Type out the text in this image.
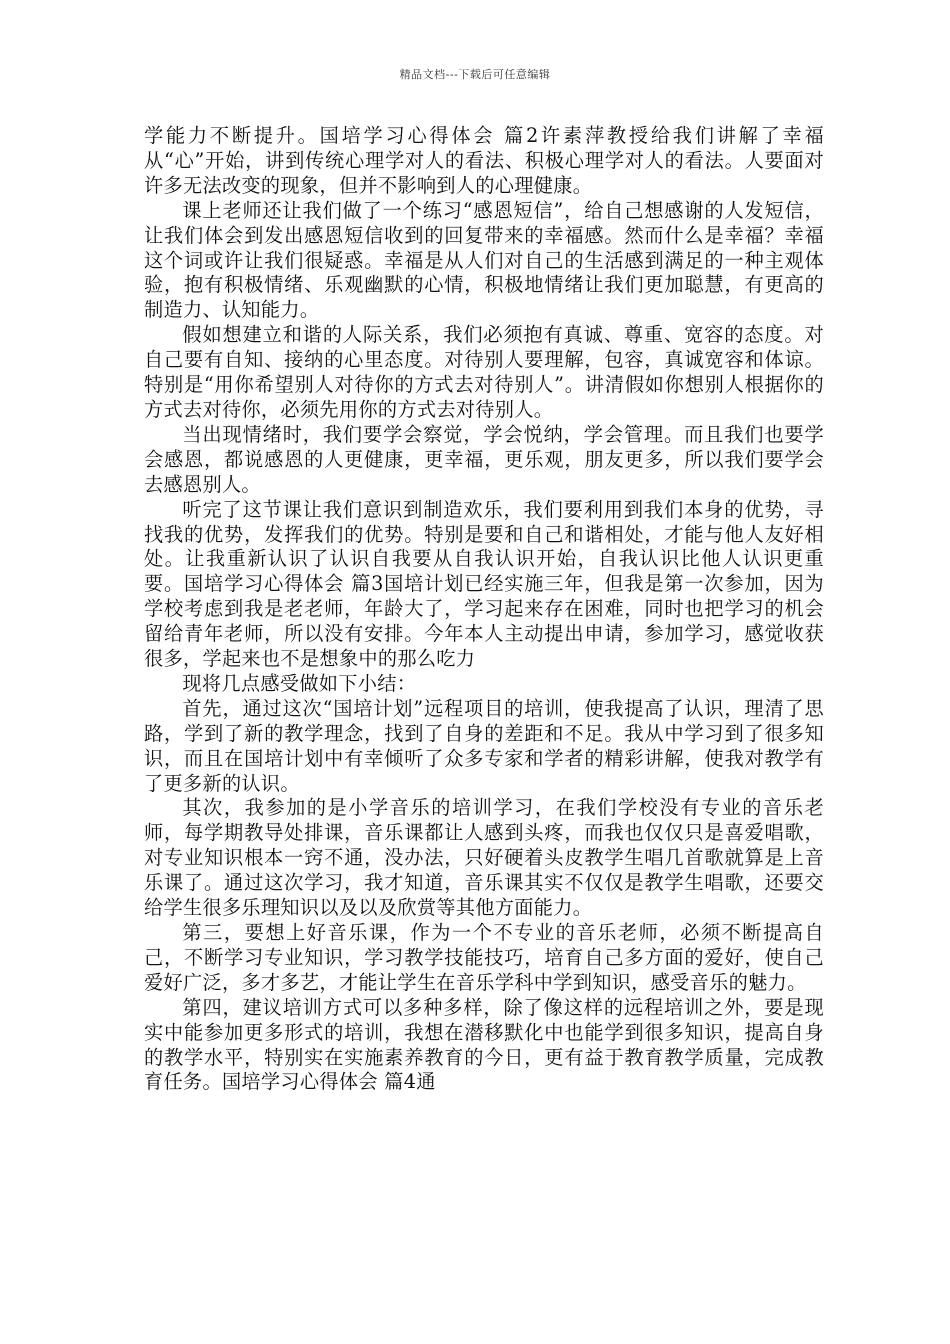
精品文档---下载后可任意编辑

学能力不断提升。国培学习心得体会 篇2许素萍教授给我们讲解了幸福从“心”开始，讲到传统心理学对人的看法、积极心理学对人的看法。人要面对许多无法改变的现象，但并不影响到人的心理健康。

课上老师还让我们做了一个练习“感恩短信”，给自己想感谢的人发短信，让我们体会到发出感恩短信收到的回复带来的幸福感。然而什么是幸福？幸福这个词或许让我们很疑惑。幸福是从人们对自己的生活感到满足的一种主观体验，抱有积极情绪、乐观幽默的心情，积极地情绪让我们更加聪慧，有更高的制造力、认知能力。

假如想建立和谐的人际关系，我们必须抱有真诚、尊重、宽容的态度。对自己要有自知、接纳的心里态度。对待别人要理解，包容，真诚宽容和体谅。特别是“用你希望别人对待你的方式去对待别人”。讲清假如你想别人根据你的方式去对待你，必须先用你的方式去对待别人。

当出现情绪时，我们要学会察觉，学会悦纳，学会管理。而且我们也要学会感恩，都说感恩的人更健康，更幸福，更乐观，朋友更多，所以我们要学会去感恩别人。

听完了这节课让我们意识到制造欢乐，我们要利用到我们本身的优势，寻找我的优势，发挥我们的优势。特别是要和自己和谐相处，才能与他人友好相处。让我重新认识了认识自我要从自我认识开始，自我认识比他人认识更重要。国培学习心得体会 篇3国培计划已经实施三年，但我是第一次参加，因为学校考虑到我是老老师，年龄大了，学习起来存在困难，同时也把学习的机会留给青年老师，所以没有安排。今年本人主动提出申请，参加学习，感觉收获很多，学起来也不是想象中的那么吃力

现将几点感受做如下小结：

首先，通过这次“国培计划”远程项目的培训，使我提高了认识，理清了思路，学到了新的教学理念，找到了自身的差距和不足。我从中学习到了很多知识，而且在国培计划中有幸倾听了众多专家和学者的精彩讲解，使我对教学有了更多新的认识。

其次，我参加的是小学音乐的培训学习，在我们学校没有专业的音乐老师，每学期教导处排课，音乐课都让人感到头疼，而我也仅仅只是喜爱唱歌，对专业知识根本一窍不通，没办法，只好硬着头皮教学生唱几首歌就算是上音乐课了。通过这次学习，我才知道，音乐课其实不仅仅是教学生唱歌，还要交给学生很多乐理知识以及以及欣赏等其他方面能力。

第三，要想上好音乐课，作为一个不专业的音乐老师，必须不断提高自己，不断学习专业知识，学习教学技能技巧，培育自己多方面的爱好，使自己爱好广泛，多才多艺，才能让学生在音乐学科中学到知识，感受音乐的魅力。

第四，建议培训方式可以多种多样，除了像这样的远程培训之外，要是现实中能参加更多形式的培训，我想在潜移默化中也能学到很多知识，提高自身的教学水平，特别实在实施素养教育的今日，更有益于教育教学质量，完成教育任务。国培学习心得体会 篇4通
